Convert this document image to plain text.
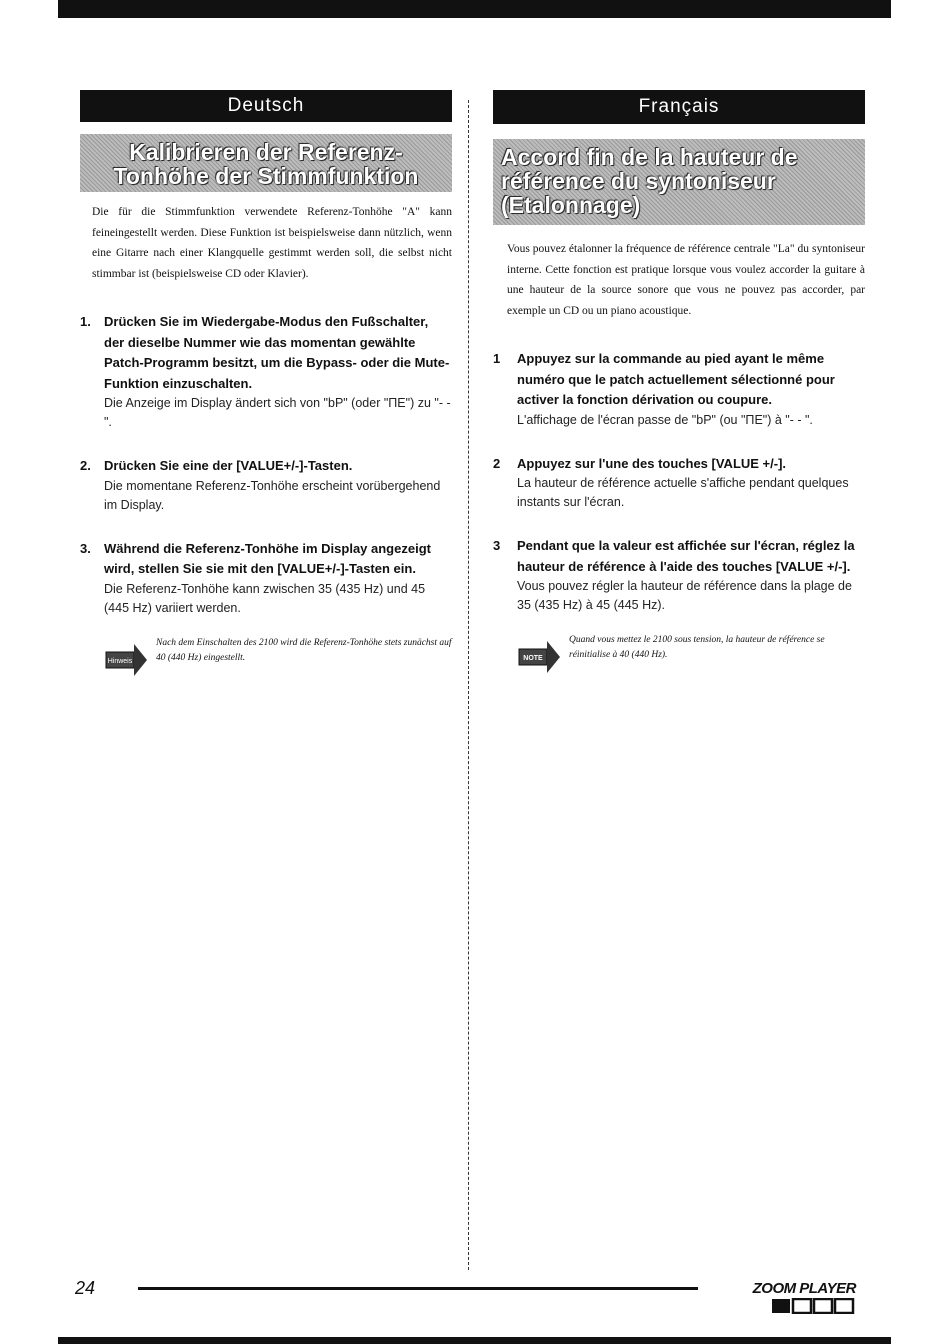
Deutsch
Kalibrieren der Referenz-
Tonhöhe der Stimmfunktion

Die für die Stimmfunktion verwendete Referenz-Tonhöhe "A" kann feineingestellt werden. Diese Funktion ist beispielsweise dann nützlich, wenn eine Gitarre nach einer Klangquelle gestimmt werden soll, die selbst nicht stimmbar ist (beispielsweise CD oder Klavier).

1. Drücken Sie im Wiedergabe-Modus den Fußschalter, der dieselbe Nummer wie das momentan gewählte Patch-Programm besitzt, um die Bypass- oder die Mute-Funktion einzuschalten.
Die Anzeige im Display ändert sich von "bP" (oder "ΠE") zu "- - ".
2. Drücken Sie eine der [VALUE+/-]-Tasten.
Die momentane Referenz-Tonhöhe erscheint vorübergehend im Display.
3. Während die Referenz-Tonhöhe im Display angezeigt wird, stellen Sie sie mit den [VALUE+/-]-Tasten ein.
Die Referenz-Tonhöhe kann zwischen 35 (435 Hz) und 45 (445 Hz) variiert werden.
Hinweis
Nach dem Einschalten des 2100 wird die Referenz-Tonhöhe stets zunächst auf 40 (440 Hz) eingestellt.
Français
Accord fin de la hauteur de
référence du syntoniseur
(Etalonnage)

Vous pouvez étalonner la fréquence de référence centrale "La" du syntoniseur interne. Cette fonction est pratique lorsque vous voulez accorder la guitare à une hauteur de la source sonore que vous ne pouvez pas accorder, par exemple un CD ou un piano acoustique.

1 Appuyez sur la commande au pied ayant le même numéro que le patch actuellement sélectionné pour activer la fonction dérivation ou coupure.
L'affichage de l'écran passe de "bP" (ou "ΠE") à "- - ".
2 Appuyez sur l'une des touches [VALUE +/-].
La hauteur de référence actuelle s'affiche pendant quelques instants sur l'écran.
3 Pendant que la valeur est affichée sur l'écran, réglez la hauteur de référence à l'aide des touches [VALUE +/-].
Vous pouvez régler la hauteur de référence dans la plage de 35 (435 Hz) à 45 (445 Hz).
NOTE
Quand vous mettez le 2100 sous tension, la hauteur de référence se réinitialise à 40 (440 Hz).
24	ZOOM PLAYER
2100
